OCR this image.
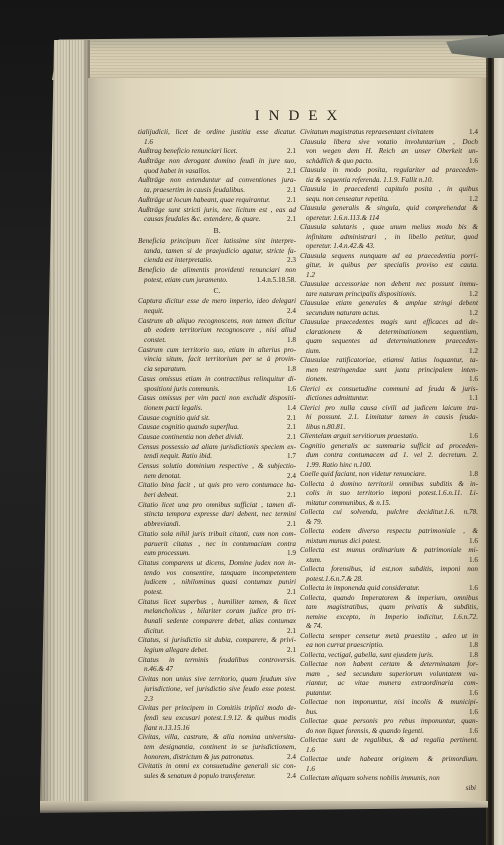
INDEX
tialijudicii, licet de ordine justitia esse dicatur.
1.6
Außtrag beneficio renunciari licet.	2.1
Außträge non derogant domino feudi in jure suo,
quod habet in vasallos.	2.1
Außträge non extenduntur ad conventiones jura-
ta, praesertim in causis feudalibus.	2.1
Außträge ut locum habeant, quae requirantur.	2.1
Außträge sunt stricti juris, nec licitum est , eas ad
causas feudales &c. extendere, & quare.	2.1
B.
Beneficia principum licet latissime sint interpre-
tanda, tamen si de praejudicio agatur, stricte fa-
cienda est interpretatio.	2.3
Beneficio de alimentis providenti renunciari non
potest, etiam cum juramento.	1.4.n.5.18.58.
C.
Captura dicitur esse de mero imperio, ideo delegari
nequit.	2.4
Castrum ab aliquo recognoscens, non tamen dicitur
ab eodem territorium recognoscere , nisi aliud
constet.	1.8
Castrum cum territorio suo, etiam in alterius pro-
vincia situm, facit territorium per se à provin-
cia separatum.	1.8
Casus omissus etiam in contractibus relinquitur di-
spositioni juris communis.	1.6
Casus omissus per vim pacti non excludit dispositi-
tionem pacti legalis.	1.4
Causae cognitio quid sit.	2.1
Causae cognitio quando superflua.	2.1
Causae continentia non debet dividi.	2.1
Census possessio ad aliam jurisdictionis speciem ex-
tendi nequit. Ratio ibid.	1.7
Census solutio dominium respective , & subjectio-
nem denotat.	2.4
Citatio bina facit , ut quis pro vero contumace ha-
beri debeat.	2.1
Citatio licet una pro omnibus sufficiat , tamen di-
stincta tempora expresse dari debent, nec termini
abbreviandi.	2.1
Citatio sola nihil juris tribuit citanti, cum non com-
paruerit citatus , nec in contumaciam contra
eum processum.	1.9
Citatus comparens ut dicens, Domine judex non in-
tendo vos consentire, tanquam incompetentem
judicem , nihilominus quasi contumax puniri
potest.	2.1
Citatus licet superbus , humiliter tamen, & licet
melancholicus , hilariter coram judice pro tri-
bunali sedente comparere debet, alias contumax
dicitur.	2.1
Citatus, si jurisdictio sit dubia, comparere, & privi-
legium allegare debet.	2.1
Citatus in terminis feudalibus controversis.
n.46.& 47
Civitas non unius sive territorio, quam feudum sive
jurisdictione, vel jurisdictio sive feudo esse potest.
2.3
Civitas per principem in Comitiis triplici modo de-
fendi seu excusari potest.1.9.12. & quibus modis
fiant n.13.15.16
Civitas, villa, castrum, & alia nomina universita-
tem designantia, continent in se jurisdictionem,
honorem, districtum & jus patronatus.	2.4
Civitatis in omni ex consuetudine generali sic con-
sules & senatum à populo transferetur.	2.4
Civitatum magistratus repraesentant civitatem	1.4
Clausula libera sive votatio involuntarium , Doch
von wegen dem H. Reich an unser Oberkeit un-
schädlich & quo pacto.	1.6
Clausula in modo posita, regulariter ad praeceden-
tia & sequentia referenda. 1.1.9. Fallit n.10.
Clausula in praecedenti capitulo posita , in quibus
sequ. non censeatur repetita.	1.2
Clausula generalis & singula, quid comprehendat &
operetur. 1.6.n.113.& 114
Clausula salutaris , quae unum melius modo bis &
infinitam administrari , in libello petitur, quod
operetur. 1.4.n.42.& 43.
Clausula sequens nunquam ad ea praecedentia porri-
gitur, in quibus per specialis proviso est cauta.
1.2
Clausulae accessoriae non debent nec possunt immu-
tare naturam principalis dispositionis.	1.2
Clausulae etiam generales & amplae stringi debent
secundum naturam actus.	1.2
Clausulae praecedentes magis sunt efficaces ad de-
clarationem & determinationem sequentium,
quam sequentes ad determinationem praeceden-
tium.	1.2
Clausulae ratificatoriae, etiamsi latius loquantur, ta-
men restringendae sunt juxta principalem inten-
tionem.	1.6
Clerici ex consuetudine communi ad feuda & juris-
dictiones admittuntur.	1.1
Clerici pro nulla causa civili ad judicem laicum tra-
hi possunt. 2.1. Limitatur tamen in causis feuda-
libus n.80.81.
Clientelam arguit servitiorum praestatio.	1.6
Cognitio generalis ac summaria sufficit ad proceden-
dum contra contumacem ad 1. vel 2. decretum. 2.
1.99. Ratio hinc n.100.
Coelle quid faciant, non videtur renunciare.	1.8
Collecta à domino territorii omnibus subditis & in-
colis in suo territorio imponi potest.1.6.n.11. Li-
mitatur communibus, & n.15.
Collecta cui solvenda, pulchre deciditur.1.6. n.78.
& 79.
Collecta eodem diverso respectu patrimoniale , &
mixtum munus dici potest.	1.6
Collecta est munus ordinarium & patrimoniale mi-
xtum.	1.6
Collecta forensibus, id est,non subditis, imponi non
potest.1.6.n.7.& 28.
Collecta in imponenda quid consideratur.	1.6
Collecta, quando Imperatorem & imperium, omnibus
tam magistratibus, quam privatis & subditis,
nemine excepto, in Imperio indicitur, 1.6.n.72.
& 74.
Collecta semper censetur metà praestita , adeo ut in
ea non currat praescriptio.	1.8
Collecta, vectigal, gabella, sunt ejusdem juris.	1.8
Collectae non habent certam & determinatam for-
mam , sed secundum superiorum voluntatem va-
riantur, ac vitae munera extraordinaria com-
putantur.	1.6
Collectae non imponuntur, nisi incolis & municipi-
bus.	1.6
Collectae quae personis pro rebus imponuntur, quan-
do non liquet forensis, & quando legenti.	1.6
Collectae sunt de regalibus, & ad regalia pertinent.
1.6
Collectae unde habeant originem & primordium.
1.6
Collectam aliquam solvens nobilis immunis, non
sibi
